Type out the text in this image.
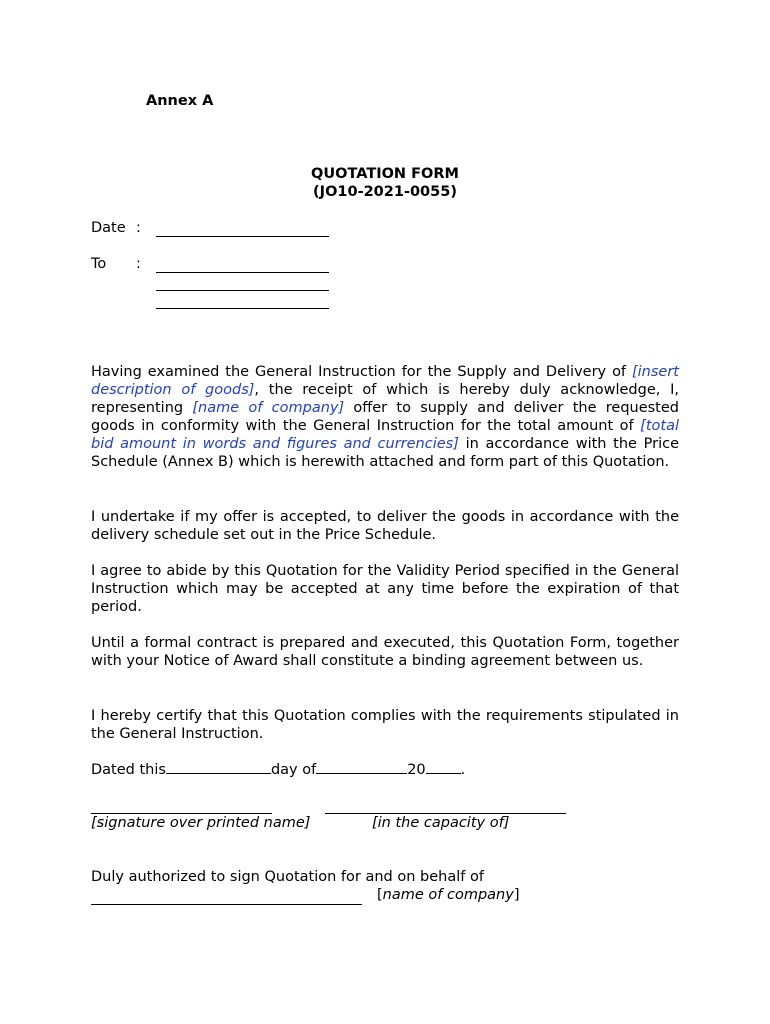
Annex A
QUOTATION FORM
(JO10-2021-0055)
Date :
To :

Having examined the General Instruction for the Supply and Delivery of [insert description of goods], the receipt of which is hereby duly acknowledge, I, representing [name of company] offer to supply and deliver the requested goods in conformity with the General Instruction for the total amount of [total bid amount in words and figures and currencies] in accordance with the Price Schedule (Annex B) which is herewith attached and form part of this Quotation.

I undertake if my offer is accepted, to deliver the goods in accordance with the delivery schedule set out in the Price Schedule.

I agree to abide by this Quotation for the Validity Period specified in the General Instruction which may be accepted at any time before the expiration of that period.

Until a formal contract is prepared and executed, this Quotation Form, together with your Notice of Award shall constitute a binding agreement between us.

I hereby certify that this Quotation complies with the requirements stipulated in the General Instruction.

Dated this	day of	20 .
[signature over printed name]	[in the capacity of]
Duly authorized to sign Quotation for and on behalf of
[name of company]
